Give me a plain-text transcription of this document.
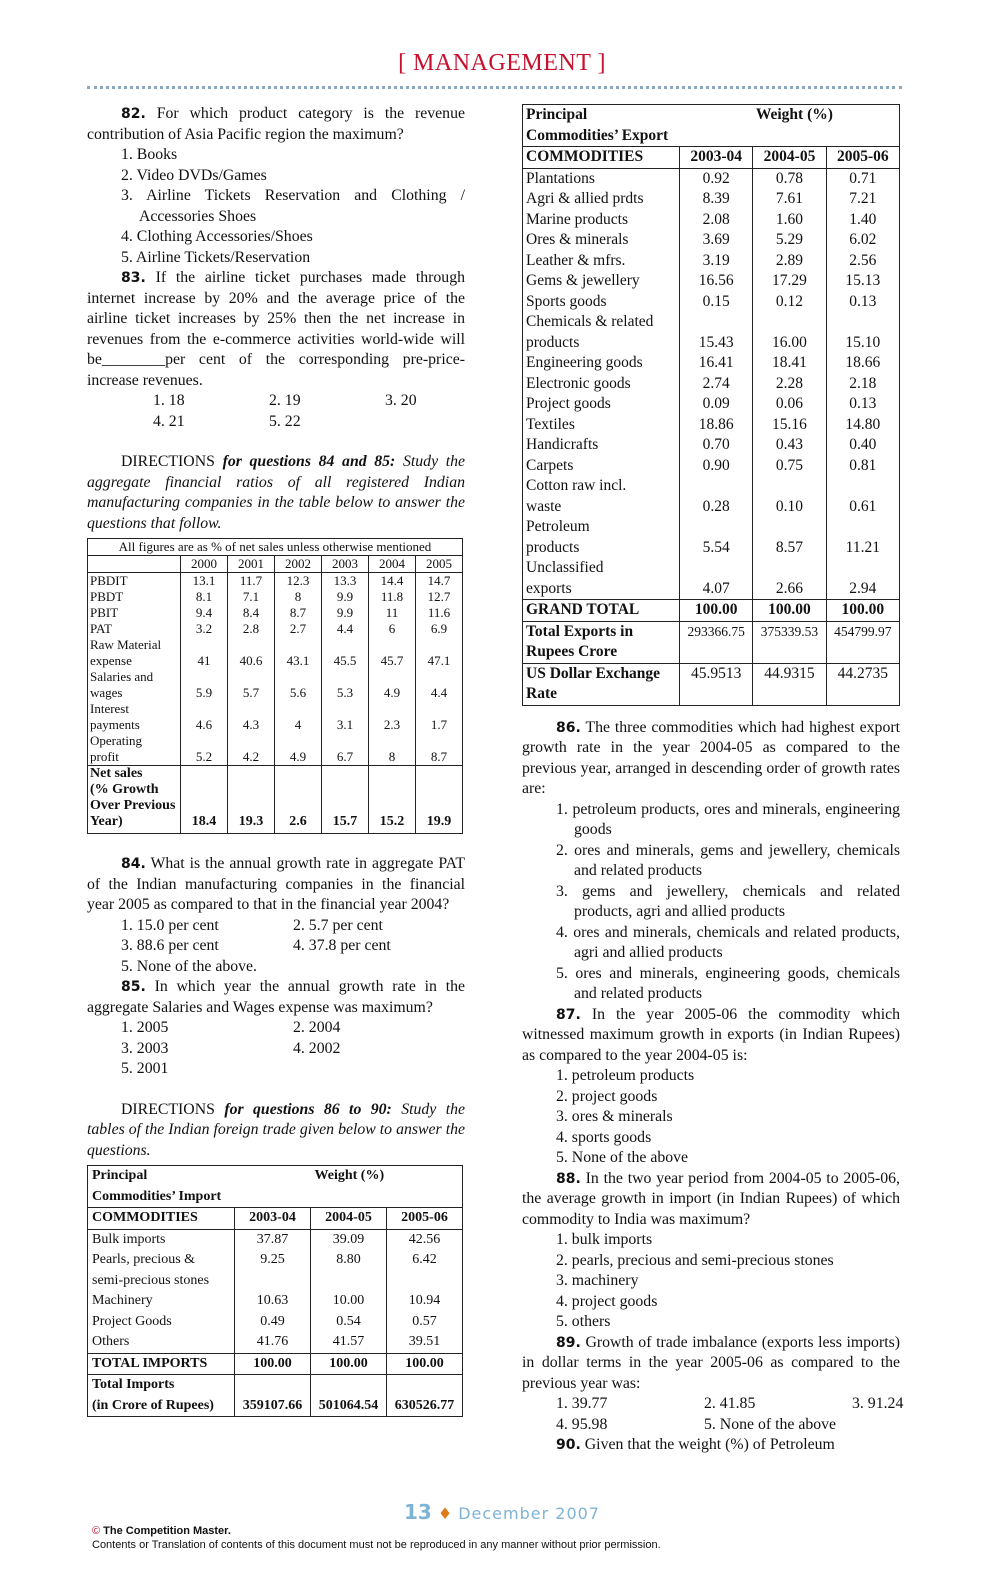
[ MANAGEMENT ]

82. For which product category is the revenue contribution of Asia Pacific region the maximum?

1. Books

2. Video DVDs/Games

3. Airline Tickets Reservation and Clothing / Accessories Shoes

4. Clothing Accessories/Shoes

5. Airline Tickets/Reservation

83. If the airline ticket purchases made through internet increase by 20% and the average price of the airline ticket increases by 25% then the net increase in revenues from the e-commerce activities world-wide will be________per cent of the corresponding pre-price-increase revenues.

1. 18	2. 19	3. 20
4. 21	5. 22

DIRECTIONS for questions 84 and 85: Study the aggregate financial ratios of all registered Indian manufacturing companies in the table below to answer the questions that follow.

All figures are as % of net sales unless otherwise mentioned						
	2000	2001	2002	2003	2004	2005
PBDIT	13.1	11.7	12.3	13.3	14.4	14.7
PBDT	8.1	7.1	8	9.9	11.8	12.7
PBIT	9.4	8.4	8.7	9.9	11	11.6
PAT	3.2	2.8	2.7	4.4	6	6.9
Raw Material
expense	41	40.6	43.1	45.5	45.7	47.1
Salaries and
wages	5.9	5.7	5.6	5.3	4.9	4.4
Interest
payments	4.6	4.3	4	3.1	2.3	1.7
Operating
profit	5.2	4.2	4.9	6.7	8	8.7
Net sales
(% Growth
Over Previous
Year)	18.4	19.3	2.6	15.7	15.2	19.9

84. What is the annual growth rate in aggregate PAT of the Indian manufacturing companies in the financial year 2005 as compared to that in the financial year 2004?

1. 15.0 per cent	2. 5.7 per cent
3. 88.6 per cent	4. 37.8 per cent
5. None of the above.

85. In which year the annual growth rate in the aggregate Salaries and Wages expense was maximum?

1. 2005	2. 2004
3. 2003	4. 2002
5. 2001

DIRECTIONS for questions 86 to 90: Study the tables of the Indian foreign trade given below to answer the questions.

Principal		Weight (%)	
Commodities’ Import			
COMMODITIES	2003-04	2004-05	2005-06
Bulk imports	37.87	39.09	42.56
Pearls, precious &	9.25	8.80	6.42
semi-precious stones			
Machinery	10.63	10.00	10.94
Project Goods	0.49	0.54	0.57
Others	41.76	41.57	39.51
TOTAL IMPORTS	100.00	100.00	100.00
Total Imports			
(in Crore of Rupees)	359107.66	501064.54	630526.77
Principal		Weight (%)	
Commodities’ Export			
COMMODITIES	2003-04	2004-05	2005-06
Plantations	0.92	0.78	0.71
Agri & allied prdts	8.39	7.61	7.21
Marine products	2.08	1.60	1.40
Ores & minerals	3.69	5.29	6.02
Leather & mfrs.	3.19	2.89	2.56
Gems & jewellery	16.56	17.29	15.13
Sports goods	0.15	0.12	0.13
Chemicals & related			
products	15.43	16.00	15.10
Engineering goods	16.41	18.41	18.66
Electronic goods	2.74	2.28	2.18
Project goods	0.09	0.06	0.13
Textiles	18.86	15.16	14.80
Handicrafts	0.70	0.43	0.40
Carpets	0.90	0.75	0.81
Cotton raw incl.			
waste	0.28	0.10	0.61
Petroleum			
products	5.54	8.57	11.21
Unclassified			
exports	4.07	2.66	2.94
GRAND TOTAL	100.00	100.00	100.00
Total Exports in
Rupees Crore	293366.75	375339.53	454799.97
US Dollar Exchange
Rate	45.9513	44.9315	44.2735

86. The three commodities which had highest export growth rate in the year 2004-05 as compared to the previous year, arranged in descending order of growth rates are:

1. petroleum products, ores and minerals, engineering goods

2. ores and minerals, gems and jewellery, chemicals and related products

3. gems and jewellery, chemicals and related products, agri and allied products

4. ores and minerals, chemicals and related products, agri and allied products

5. ores and minerals, engineering goods, chemicals and related products

87. In the year 2005-06 the commodity which witnessed maximum growth in exports (in Indian Rupees) as compared to the year 2004-05 is:

1. petroleum products

2. project goods

3. ores & minerals

4. sports goods

5. None of the above

88. In the two year period from 2004-05 to 2005-06, the average growth in import (in Indian Rupees) of which commodity to India was maximum?

1. bulk imports

2. pearls, precious and semi-precious stones

3. machinery

4. project goods

5. others

89. Growth of trade imbalance (exports less imports) in dollar terms in the year 2005-06 as compared to the previous year was:

1. 39.77	2. 41.85	3. 91.24
4. 95.98	5. None of the above

90. Given that the weight (%) of Petroleum

13 ♦ December 2007
© The Competition Master.
Contents or Translation of contents of this document must not be reproduced in any manner without prior permission.
